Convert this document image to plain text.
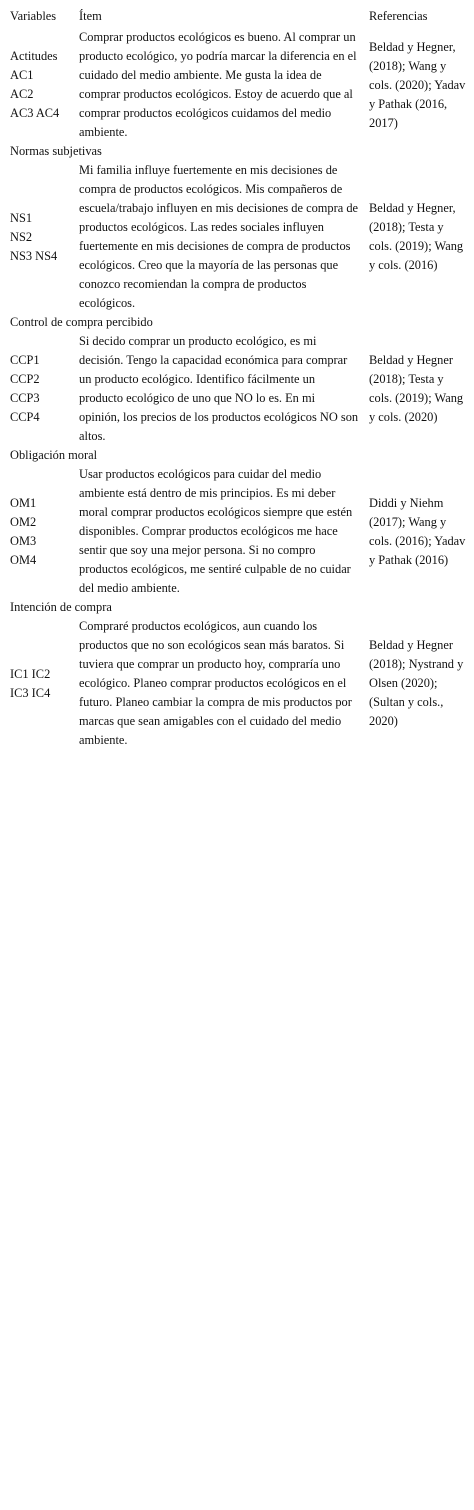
Variables	Ítem	Referencias
Actitudes
AC1
AC2
AC3 AC4
Comprar productos ecológicos es bueno. Al comprar un producto ecológico, yo podría marcar la diferencia en el cuidado del medio ambiente. Me gusta la idea de comprar productos ecológicos. Estoy de acuerdo que al comprar productos ecológicos cuidamos del medio ambiente.
Beldad y Hegner, (2018); Wang y cols. (2020); Yadav y Pathak (2016, 2017)
Normas subjetivas
NS1
NS2
NS3 NS4
Mi familia influye fuertemente en mis decisiones de compra de productos ecológicos. Mis compañeros de escuela/trabajo influyen en mis decisiones de compra de productos ecológicos. Las redes sociales influyen fuertemente en mis decisiones de compra de productos ecológicos. Creo que la mayoría de las personas que conozco recomiendan la compra de productos ecológicos.
Beldad y Hegner, (2018); Testa y cols. (2019); Wang y cols. (2016)
Control de compra percibido
CCP1
CCP2
CCP3
CCP4
Si decido comprar un producto ecológico, es mi decisión. Tengo la capacidad económica para comprar un producto ecológico. Identifico fácilmente un producto ecológico de uno que NO lo es. En mi opinión, los precios de los productos ecológicos NO son altos.
Beldad y Hegner (2018); Testa y cols. (2019); Wang y cols. (2020)
Obligación moral
OM1
OM2
OM3
OM4
Usar productos ecológicos para cuidar del medio ambiente está dentro de mis principios. Es mi deber moral comprar productos ecológicos siempre que estén disponibles. Comprar productos ecológicos me hace sentir que soy una mejor persona. Si no compro productos ecológicos, me sentiré culpable de no cuidar del medio ambiente.
Diddi y Niehm (2017); Wang y cols. (2016); Yadav y Pathak (2016)
Intención de compra
IC1 IC2
IC3 IC4
Compraré productos ecológicos, aun cuando los productos que no son ecológicos sean más baratos. Si tuviera que comprar un producto hoy, compraría uno ecológico. Planeo comprar productos ecológicos en el futuro. Planeo cambiar la compra de mis productos por marcas que sean amigables con el cuidado del medio ambiente.
Beldad y Hegner (2018); Nystrand y Olsen (2020); (Sultan y cols., 2020)
